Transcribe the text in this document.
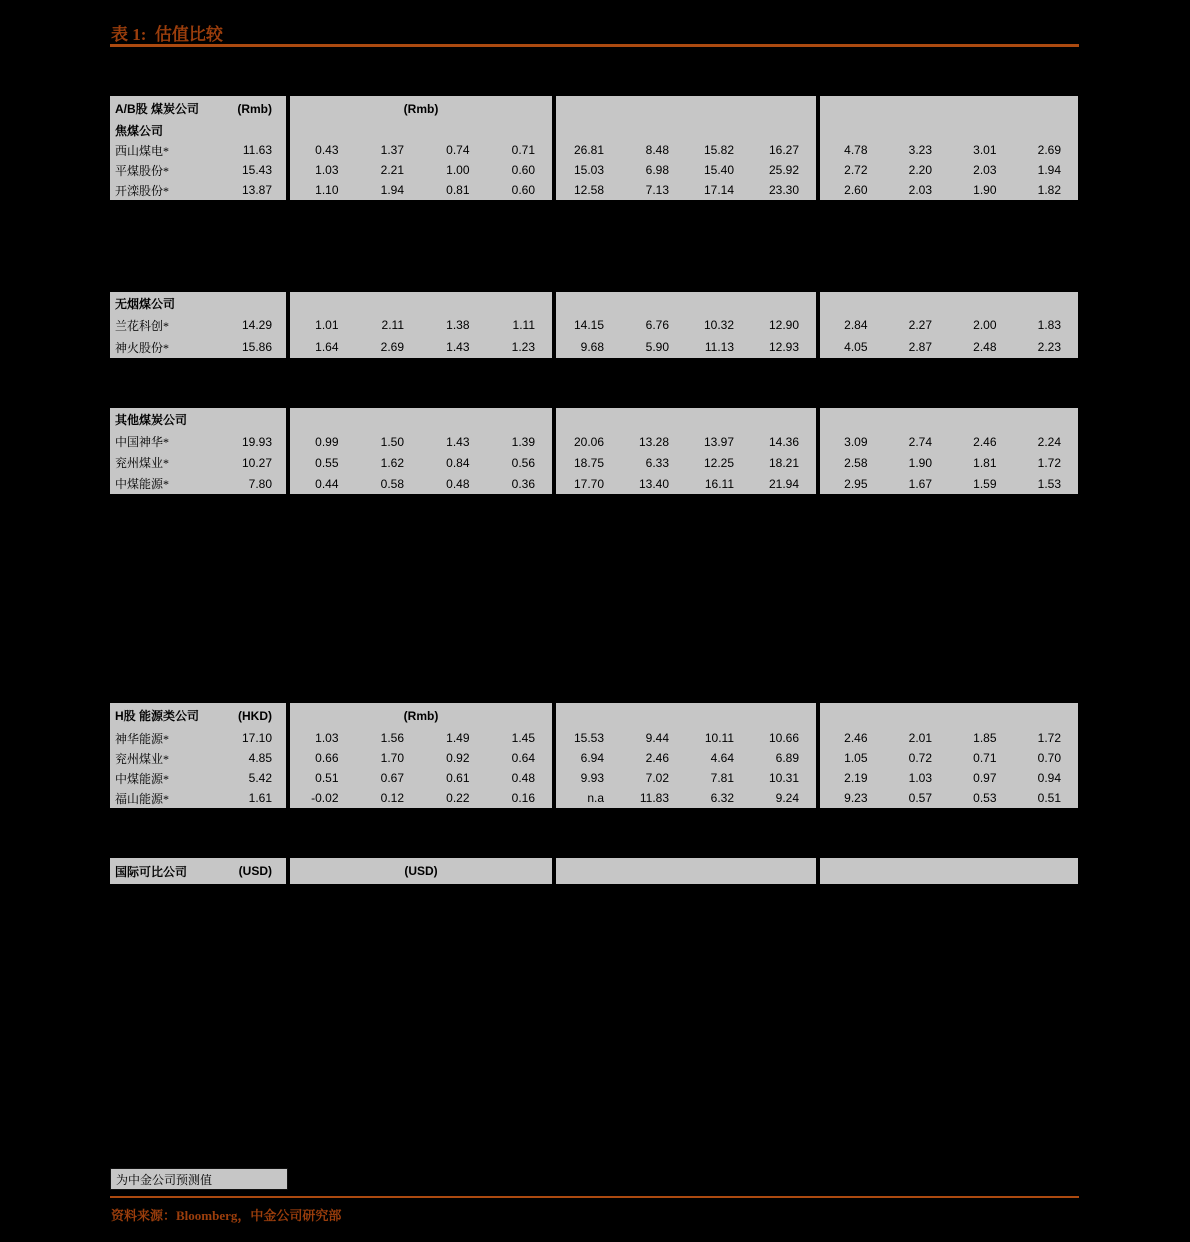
表 1:  估值比较
A/B股 煤炭公司	(Rmb)	(Rmb)
焦煤公司
西山煤电*	11.63	0.43	1.37	0.74	0.71	26.81	8.48	15.82	16.27	4.78	3.23	3.01	2.69
平煤股份*	15.43	1.03	2.21	1.00	0.60	15.03	6.98	15.40	25.92	2.72	2.20	2.03	1.94
开滦股份*	13.87	1.10	1.94	0.81	0.60	12.58	7.13	17.14	23.30	2.60	2.03	1.90	1.82
无烟煤公司
兰花科创*	14.29	1.01	2.11	1.38	1.11	14.15	6.76	10.32	12.90	2.84	2.27	2.00	1.83
神火股份*	15.86	1.64	2.69	1.43	1.23	9.68	5.90	11.13	12.93	4.05	2.87	2.48	2.23
其他煤炭公司
中国神华*	19.93	0.99	1.50	1.43	1.39	20.06	13.28	13.97	14.36	3.09	2.74	2.46	2.24
兖州煤业*	10.27	0.55	1.62	0.84	0.56	18.75	6.33	12.25	18.21	2.58	1.90	1.81	1.72
中煤能源*	7.80	0.44	0.58	0.48	0.36	17.70	13.40	16.11	21.94	2.95	1.67	1.59	1.53
H股 能源类公司	(HKD)	(Rmb)
神华能源*	17.10	1.03	1.56	1.49	1.45	15.53	9.44	10.11	10.66	2.46	2.01	1.85	1.72
兖州煤业*	4.85	0.66	1.70	0.92	0.64	6.94	2.46	4.64	6.89	1.05	0.72	0.71	0.70
中煤能源*	5.42	0.51	0.67	0.61	0.48	9.93	7.02	7.81	10.31	2.19	1.03	0.97	0.94
福山能源*	1.61	-0.02	0.12	0.22	0.16	n.a	11.83	6.32	9.24	9.23	0.57	0.53	0.51
国际可比公司	(USD)	(USD)
为中金公司预测值
资料来源：Bloomberg，中金公司研究部
